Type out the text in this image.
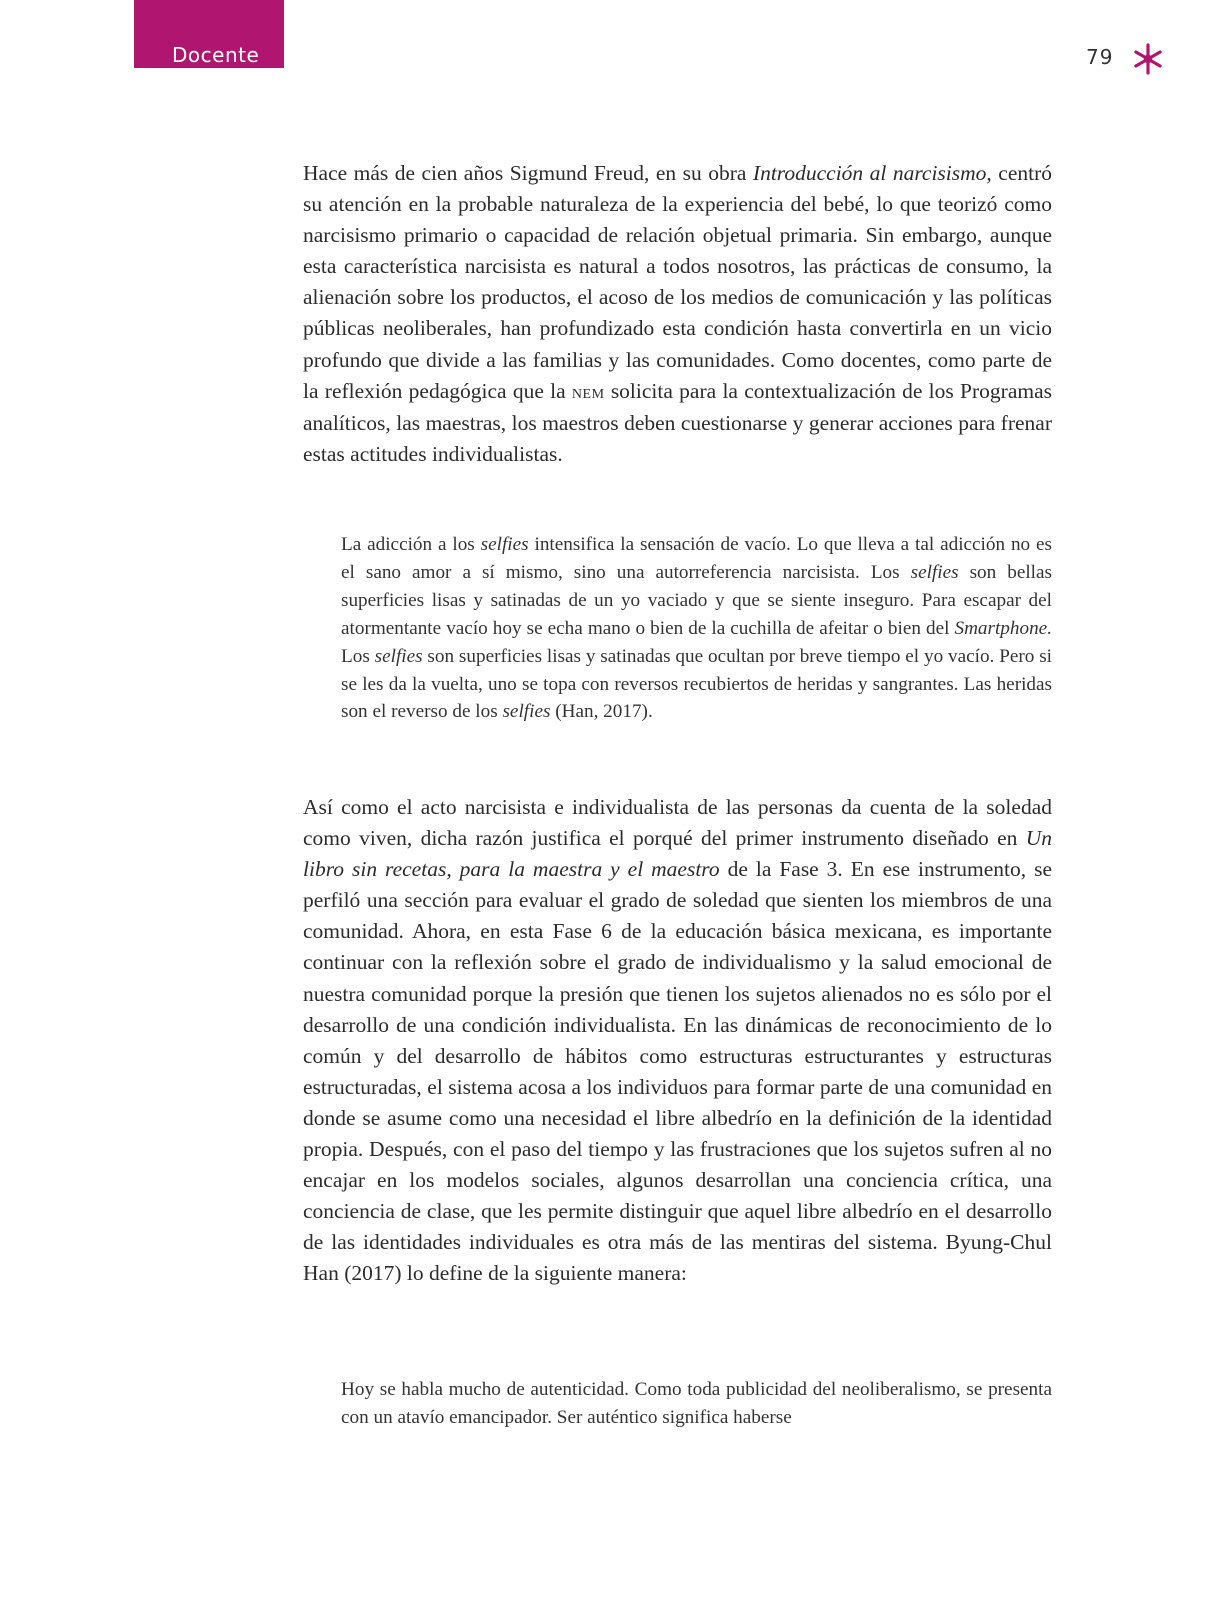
Docente	79

Hace más de cien años Sigmund Freud, en su obra Introducción al narcisismo, centró su atención en la probable naturaleza de la experiencia del bebé, lo que teorizó como narcisismo primario o capacidad de relación objetual primaria. Sin embargo, aunque esta característica narcisista es natural a todos nosotros, las prácticas de consumo, la alienación sobre los productos, el acoso de los medios de comunicación y las políticas públicas neoliberales, han profundizado esta condición hasta convertirla en un vicio profundo que divide a las familias y las comunidades. Como docentes, como parte de la reflexión pedagógica que la nem solicita para la contextualización de los Programas analíticos, las maestras, los maestros deben cuestionarse y generar acciones para frenar estas actitudes individualistas.

La adicción a los selfies intensifica la sensación de vacío. Lo que lleva a tal adicción no es el sano amor a sí mismo, sino una autorreferencia narcisista. Los selfies son bellas superficies lisas y satinadas de un yo vaciado y que se siente inseguro. Para escapar del atormentante vacío hoy se echa mano o bien de la cuchilla de afeitar o bien del Smartphone. Los selfies son superficies lisas y satinadas que ocultan por breve tiempo el yo vacío. Pero si se les da la vuelta, uno se topa con reversos recubiertos de heridas y sangrantes. Las heridas son el reverso de los selfies (Han, 2017).

Así como el acto narcisista e individualista de las personas da cuenta de la soledad como viven, dicha razón justifica el porqué del primer instrumento diseñado en Un libro sin recetas, para la maestra y el maestro de la Fase 3. En ese instrumento, se perfiló una sección para evaluar el grado de soledad que sienten los miembros de una comunidad. Ahora, en esta Fase 6 de la educación básica mexicana, es importante continuar con la reflexión sobre el grado de individualismo y la salud emocional de nuestra comunidad porque la presión que tienen los sujetos alienados no es sólo por el desarrollo de una condición individualista. En las dinámicas de reconocimiento de lo común y del desarrollo de hábitos como estructuras estructurantes y estructuras estructuradas, el sistema acosa a los individuos para formar parte de una comunidad en donde se asume como una necesidad el libre albedrío en la definición de la identidad propia. Después, con el paso del tiempo y las frustraciones que los sujetos sufren al no encajar en los modelos sociales, algunos desarrollan una conciencia crítica, una conciencia de clase, que les permite distinguir que aquel libre albedrío en el desarrollo de las identidades individuales es otra más de las mentiras del sistema. Byung-Chul Han (2017) lo define de la siguiente manera:

Hoy se habla mucho de autenticidad. Como toda publicidad del neoliberalismo, se presenta con un atavío emancipador. Ser auténtico significa haberse
